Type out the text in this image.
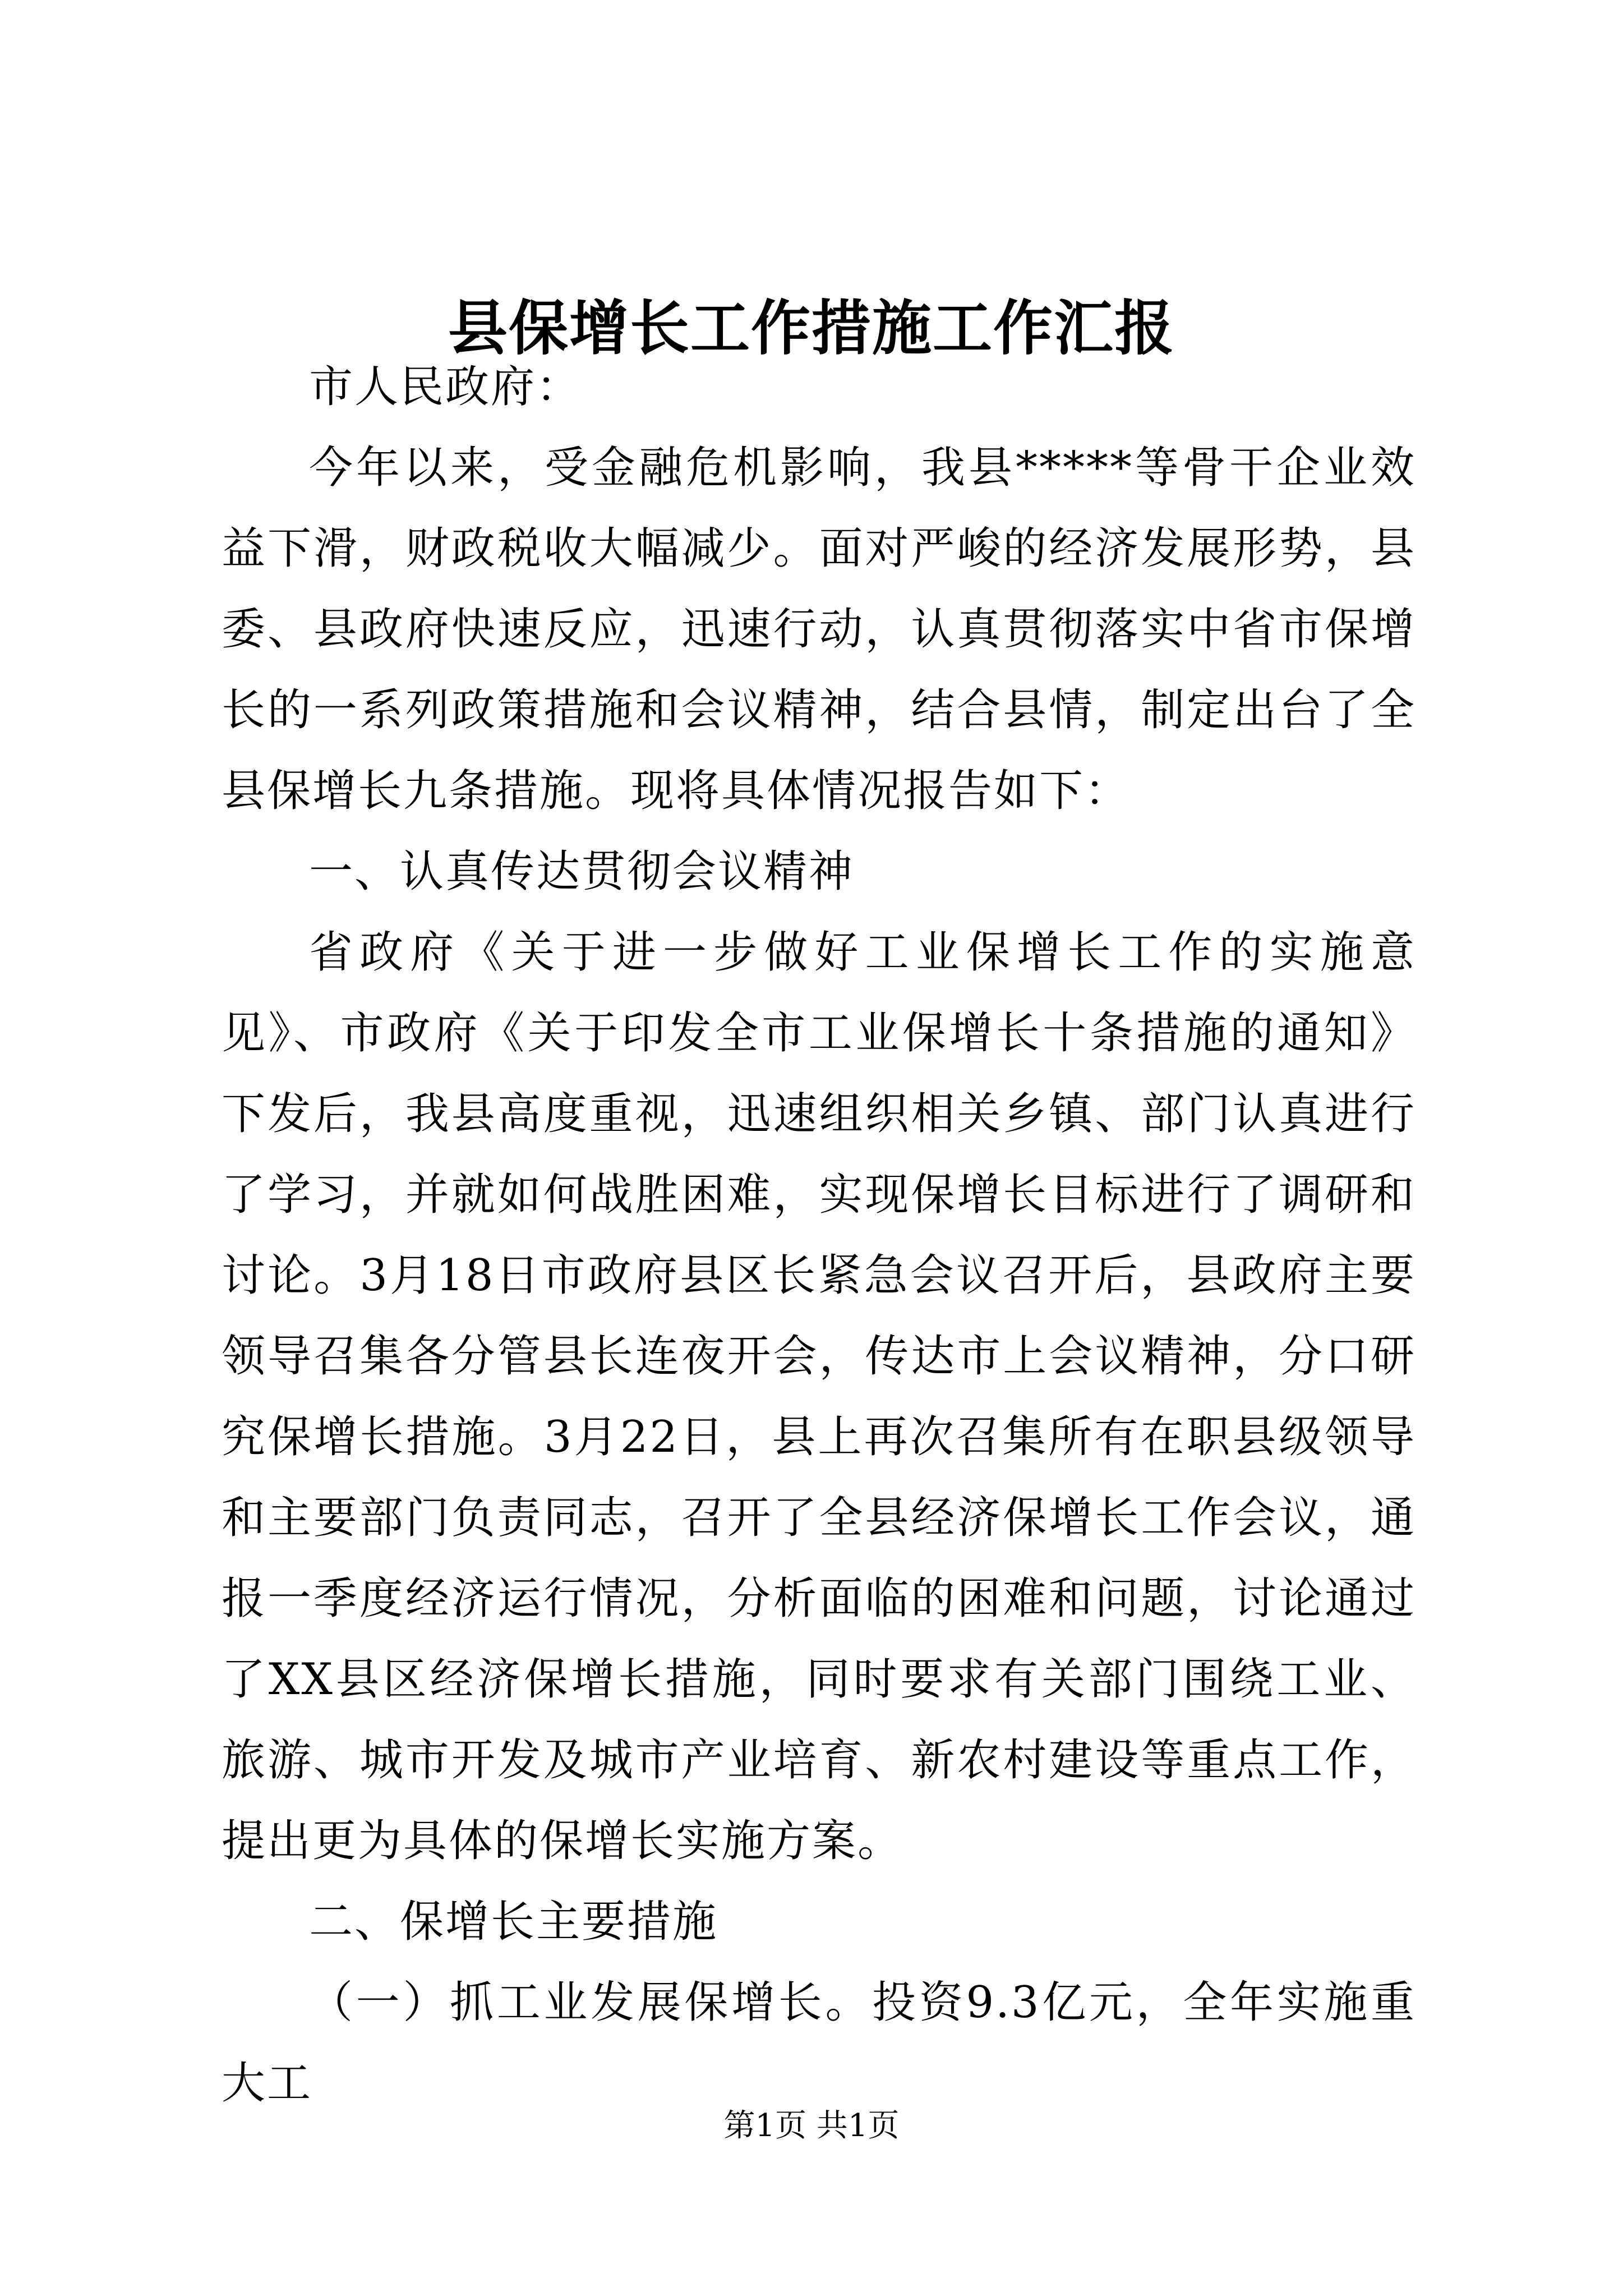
县保增长工作措施工作汇报

市人民政府：

今年以来，受金融危机影响，我县*****等骨干企业效益下滑，财政税收大幅减少。面对严峻的经济发展形势，县委、县政府快速反应，迅速行动，认真贯彻落实中省市保增长的一系列政策措施和会议精神，结合县情，制定出台了全县保增长九条措施。现将具体情况报告如下：

一、认真传达贯彻会议精神

省政府《关于进一步做好工业保增长工作的实施意见》、市政府《关于印发全市工业保增长十条措施的通知》下发后，我县高度重视，迅速组织相关乡镇、部门认真进行了学习，并就如何战胜困难，实现保增长目标进行了调研和讨论。3月18日市政府县区长紧急会议召开后，县政府主要领导召集各分管县长连夜开会，传达市上会议精神，分口研究保增长措施。3月22日，县上再次召集所有在职县级领导和主要部门负责同志，召开了全县经济保增长工作会议，通报一季度经济运行情况，分析面临的困难和问题，讨论通过了XX县区经济保增长措施，同时要求有关部门围绕工业、旅游、城市开发及城市产业培育、新农村建设等重点工作，提出更为具体的保增长实施方案。

二、保增长主要措施

（一）抓工业发展保增长。投资9.3亿元，全年实施重大工

第1页 共1页
